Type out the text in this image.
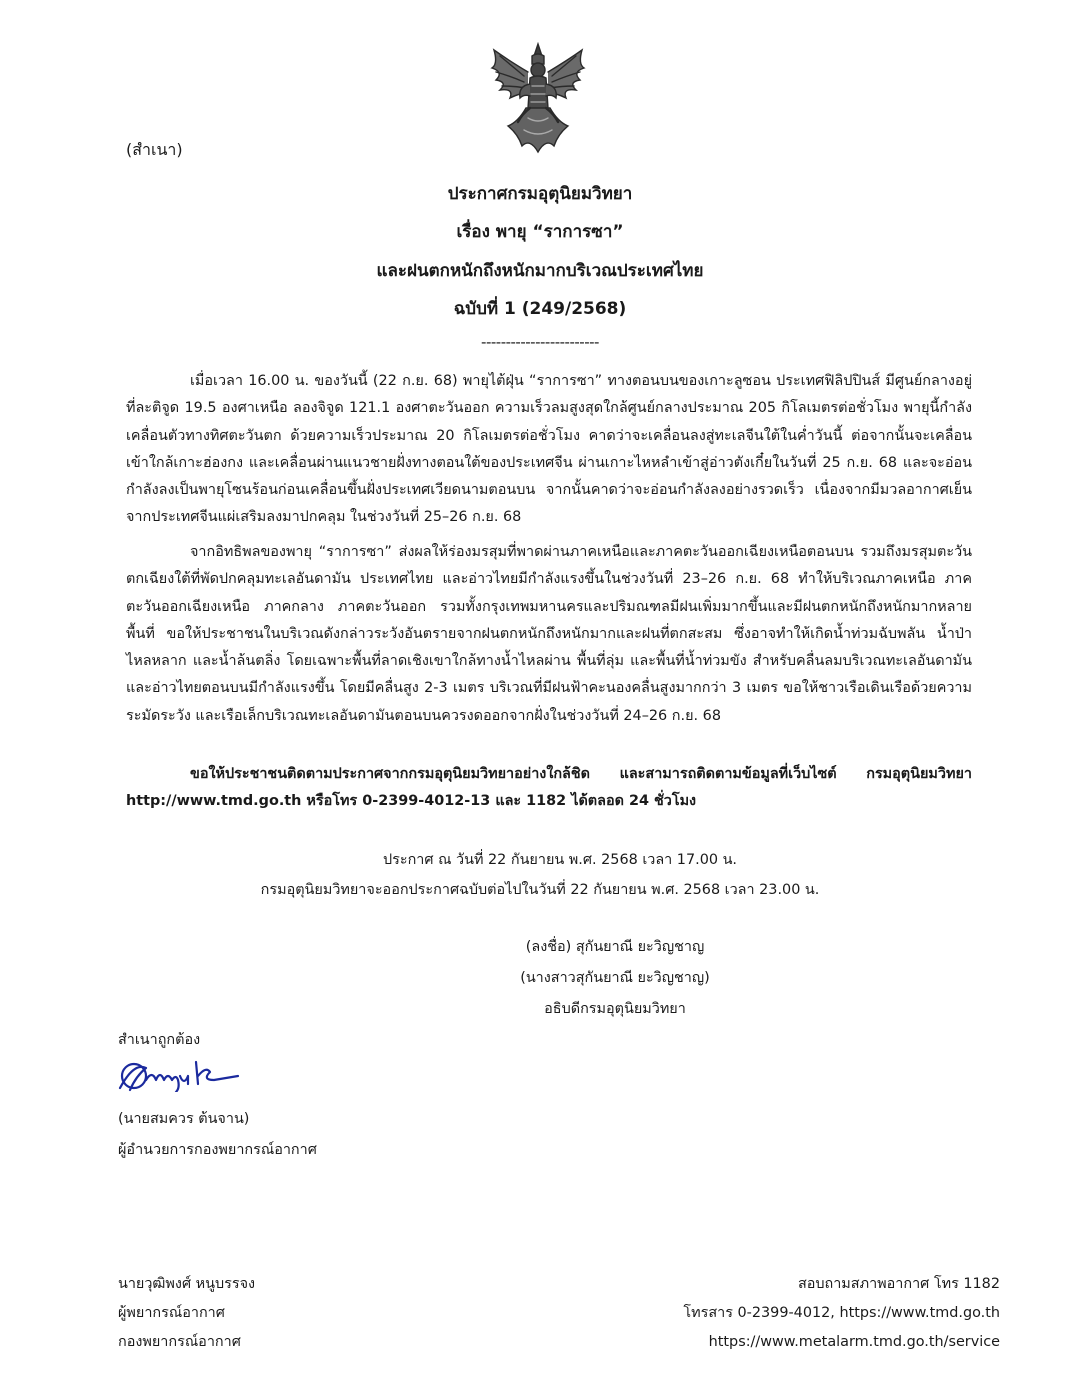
(สำเนา)
ประกาศกรมอุตุนิยมวิทยา
เรื่อง พายุ “ราการซา”
และฝนตกหนักถึงหนักมากบริเวณประเทศไทย
ฉบับที่ 1 (249/2568)
------------------------

เมื่อเวลา 16.00 น. ของวันนี้ (22 ก.ย. 68) พายุไต้ฝุ่น “ราการซา” ทางตอนบนของเกาะลูซอน ประเทศฟิลิปปินส์ มีศูนย์กลางอยู่ที่ละติจูด 19.5 องศาเหนือ ลองจิจูด 121.1 องศาตะวันออก ความเร็วลมสูงสุดใกล้ศูนย์กลางประมาณ 205 กิโลเมตรต่อชั่วโมง พายุนี้กำลังเคลื่อนตัวทางทิศตะวันตก ด้วยความเร็วประมาณ 20 กิโลเมตรต่อชั่วโมง คาดว่าจะเคลื่อนลงสู่ทะเลจีนใต้ในค่ำวันนี้ ต่อจากนั้นจะเคลื่อนเข้าใกล้เกาะฮ่องกง และเคลื่อนผ่านแนวชายฝั่งทางตอนใต้ของประเทศจีน ผ่านเกาะไหหลำเข้าสู่อ่าวตังเกี๋ยในวันที่ 25 ก.ย. 68 และจะอ่อนกำลังลงเป็นพายุโซนร้อนก่อนเคลื่อนขึ้นฝั่งประเทศเวียดนามตอนบน จากนั้นคาดว่าจะอ่อนกำลังลงอย่างรวดเร็ว เนื่องจากมีมวลอากาศเย็นจากประเทศจีนแผ่เสริมลงมาปกคลุม ในช่วงวันที่ 25–26 ก.ย. 68

จากอิทธิพลของพายุ “ราการซา” ส่งผลให้ร่องมรสุมที่พาดผ่านภาคเหนือและภาคตะวันออกเฉียงเหนือตอนบน รวมถึงมรสุมตะวันตกเฉียงใต้ที่พัดปกคลุมทะเลอันดามัน ประเทศไทย และอ่าวไทยมีกำลังแรงขึ้นในช่วงวันที่ 23–26 ก.ย. 68 ทำให้บริเวณภาคเหนือ ภาคตะวันออกเฉียงเหนือ ภาคกลาง ภาคตะวันออก รวมทั้งกรุงเทพมหานครและปริมณฑลมีฝนเพิ่มมากขึ้นและมีฝนตกหนักถึงหนักมากหลายพื้นที่ ขอให้ประชาชนในบริเวณดังกล่าวระวังอันตรายจากฝนตกหนักถึงหนักมากและฝนที่ตกสะสม ซึ่งอาจทำให้เกิดน้ำท่วมฉับพลัน น้ำป่าไหลหลาก และน้ำล้นตลิ่ง โดยเฉพาะพื้นที่ลาดเชิงเขาใกล้ทางน้ำไหลผ่าน พื้นที่ลุ่ม และพื้นที่น้ำท่วมขัง สำหรับคลื่นลมบริเวณทะเลอันดามันและอ่าวไทยตอนบนมีกำลังแรงขึ้น โดยมีคลื่นสูง 2-3 เมตร บริเวณที่มีฝนฟ้าคะนองคลื่นสูงมากกว่า 3 เมตร ขอให้ชาวเรือเดินเรือด้วยความระมัดระวัง และเรือเล็กบริเวณทะเลอันดามันตอนบนควรงดออกจากฝั่งในช่วงวันที่ 24–26 ก.ย. 68

ขอให้ประชาชนติดตามประกาศจากกรมอุตุนิยมวิทยาอย่างใกล้ชิด และสามารถติดตามข้อมูลที่เว็บไซต์ กรมอุตุนิยมวิทยา http://www.tmd.go.th หรือโทร 0-2399-4012-13 และ 1182 ได้ตลอด 24 ชั่วโมง

ประกาศ ณ วันที่ 22 กันยายน พ.ศ. 2568 เวลา 17.00 น.
กรมอุตุนิยมวิทยาจะออกประกาศฉบับต่อไปในวันที่ 22 กันยายน พ.ศ. 2568 เวลา 23.00 น.
(ลงชื่อ) สุกันยาณี ยะวิญชาญ
(นางสาวสุกันยาณี ยะวิญชาญ)
อธิบดีกรมอุตุนิยมวิทยา
สำเนาถูกต้อง
(นายสมควร ต้นจาน)
ผู้อำนวยการกองพยากรณ์อากาศ
นายวุฒิพงศ์ หนูบรรจง
ผู้พยากรณ์อากาศ
กองพยากรณ์อากาศ
สอบถามสภาพอากาศ โทร 1182
โทรสาร 0-2399-4012, https://www.tmd.go.th
https://www.metalarm.tmd.go.th/service
